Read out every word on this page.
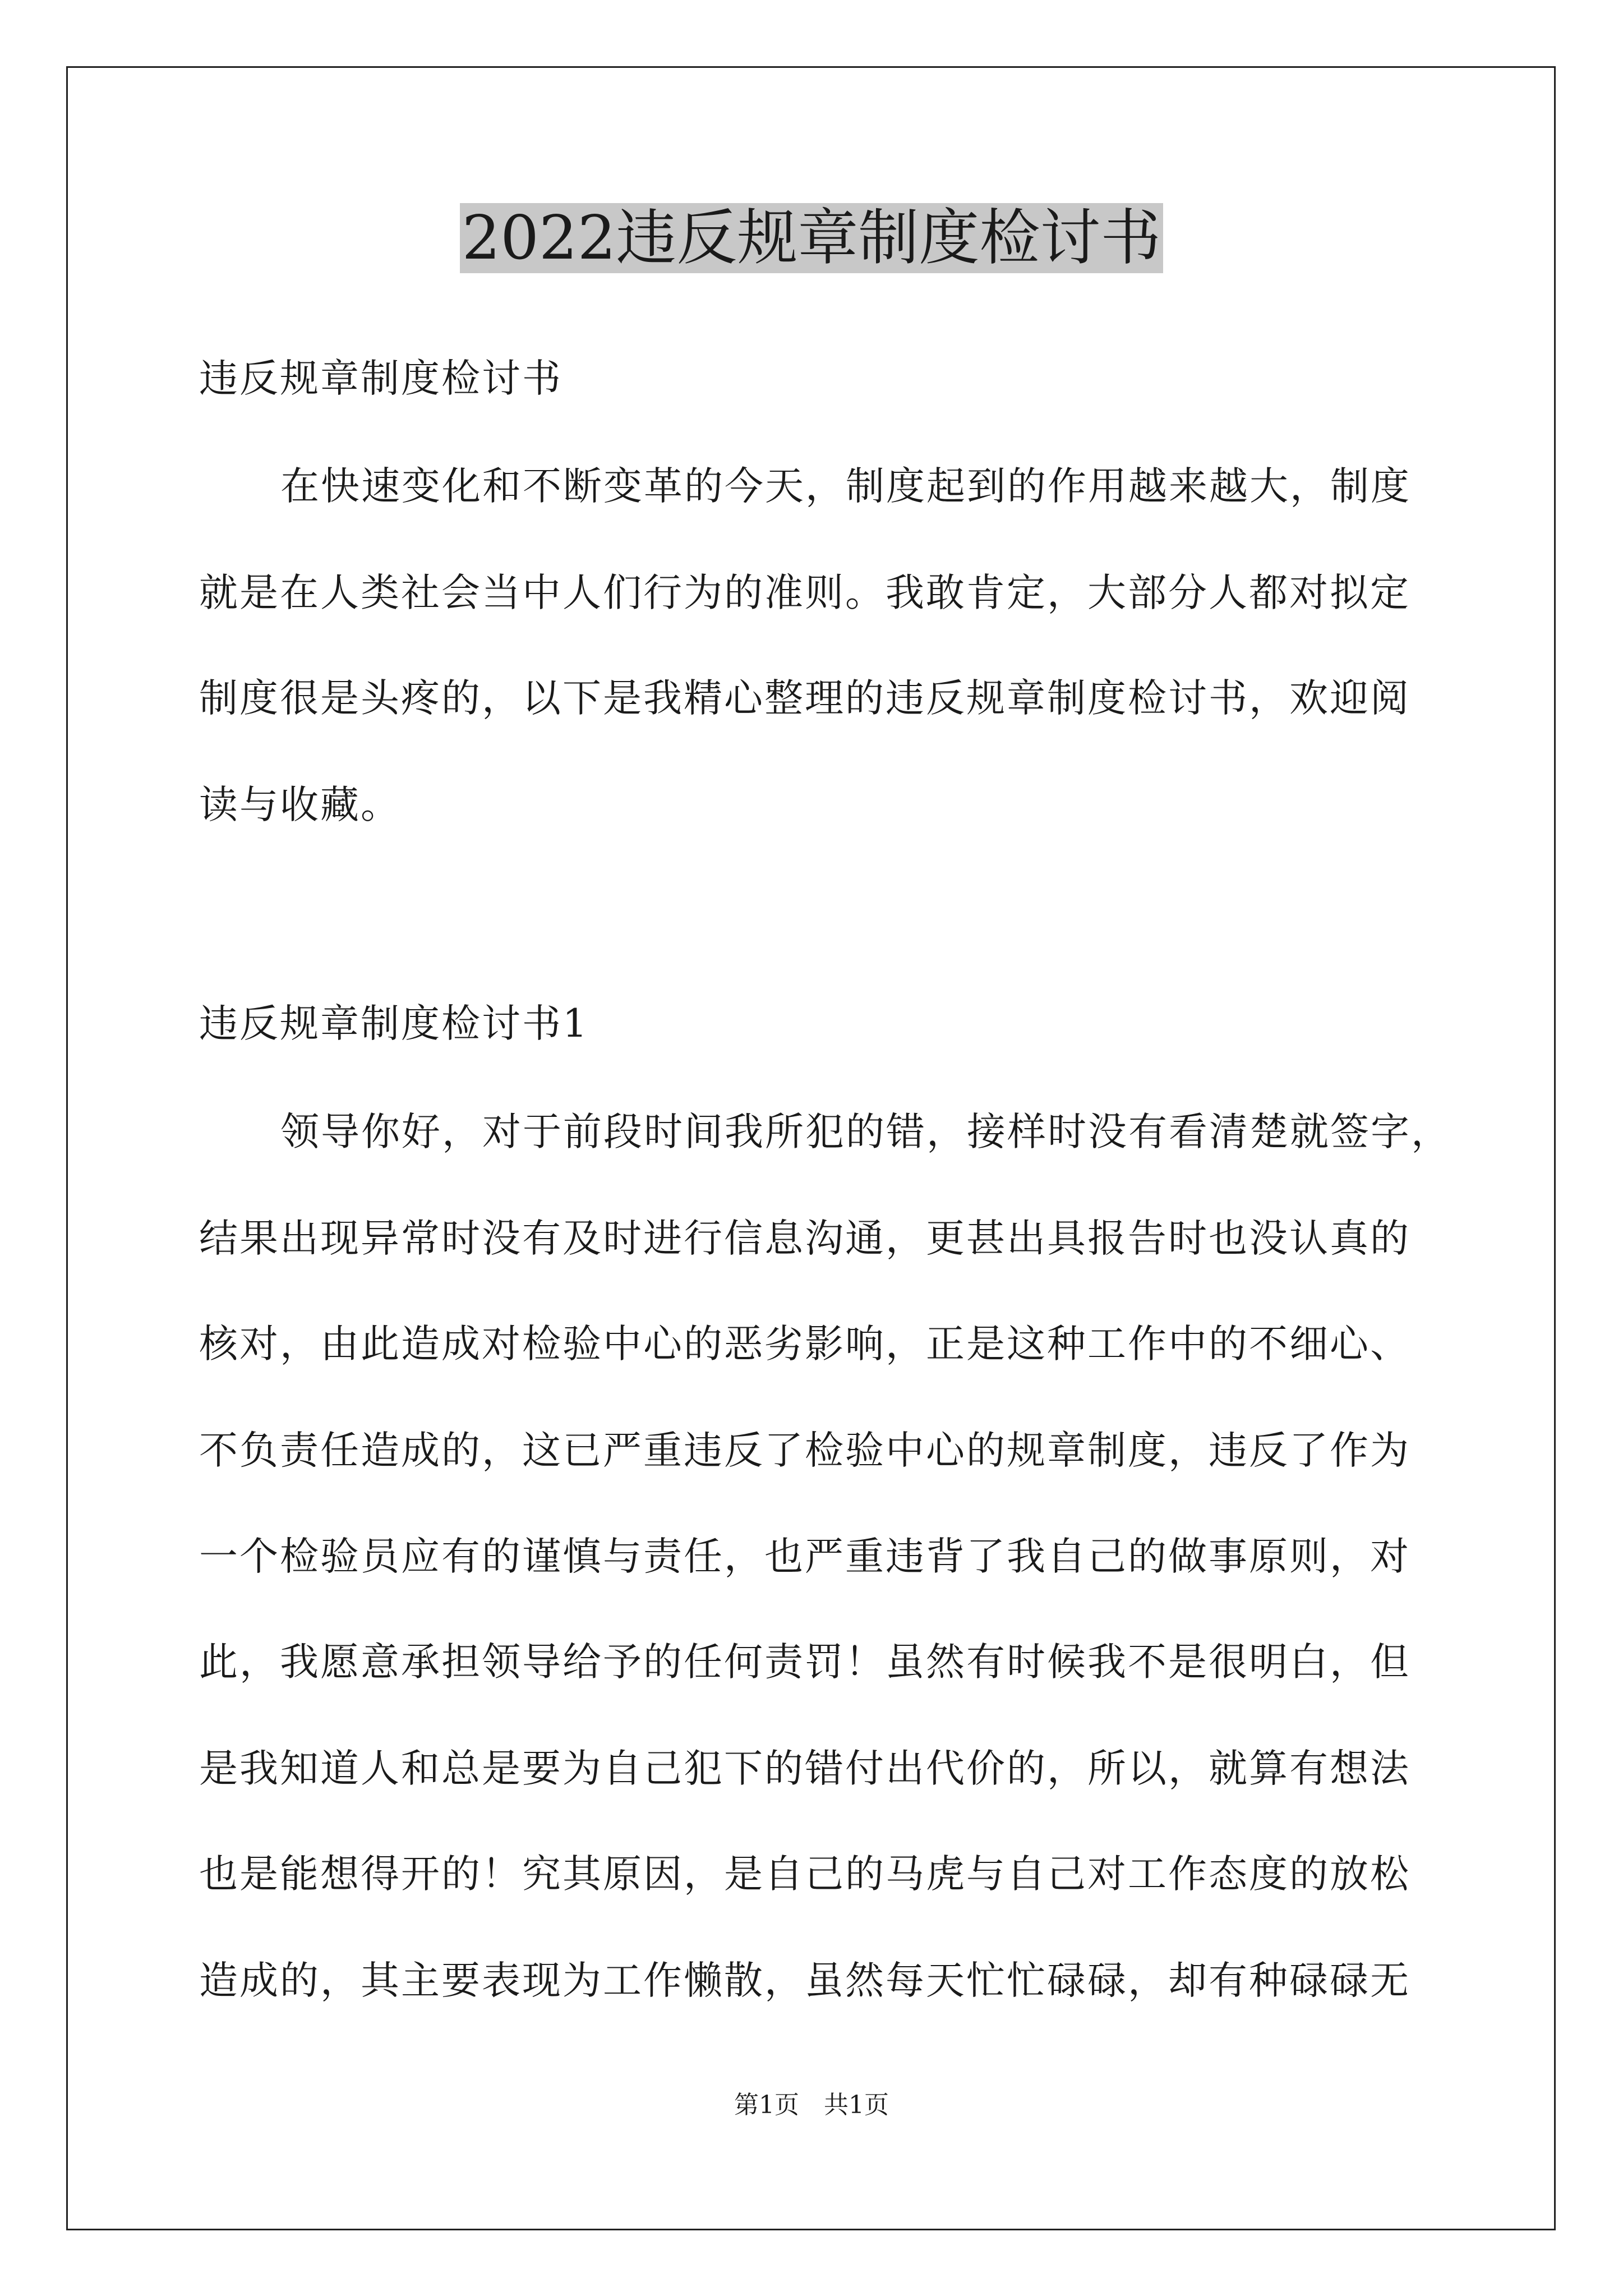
2022违反规章制度检讨书
违反规章制度检讨书
在快速变化和不断变革的今天，制度起到的作用越来越大，制度
就是在人类社会当中人们行为的准则。我敢肯定，大部分人都对拟定
制度很是头疼的，以下是我精心整理的违反规章制度检讨书，欢迎阅
读与收藏。
违反规章制度检讨书1
领导你好，对于前段时间我所犯的错，接样时没有看清楚就签字，
结果出现异常时没有及时进行信息沟通，更甚出具报告时也没认真的
核对，由此造成对检验中心的恶劣影响，正是这种工作中的不细心、
不负责任造成的，这已严重违反了检验中心的规章制度，违反了作为
一个检验员应有的谨慎与责任，也严重违背了我自己的做事原则，对
此，我愿意承担领导给予的任何责罚！虽然有时候我不是很明白，但
是我知道人和总是要为自己犯下的错付出代价的，所以，就算有想法
也是能想得开的！究其原因，是自己的马虎与自己对工作态度的放松
造成的，其主要表现为工作懒散，虽然每天忙忙碌碌，却有种碌碌无
第1页　共1页
